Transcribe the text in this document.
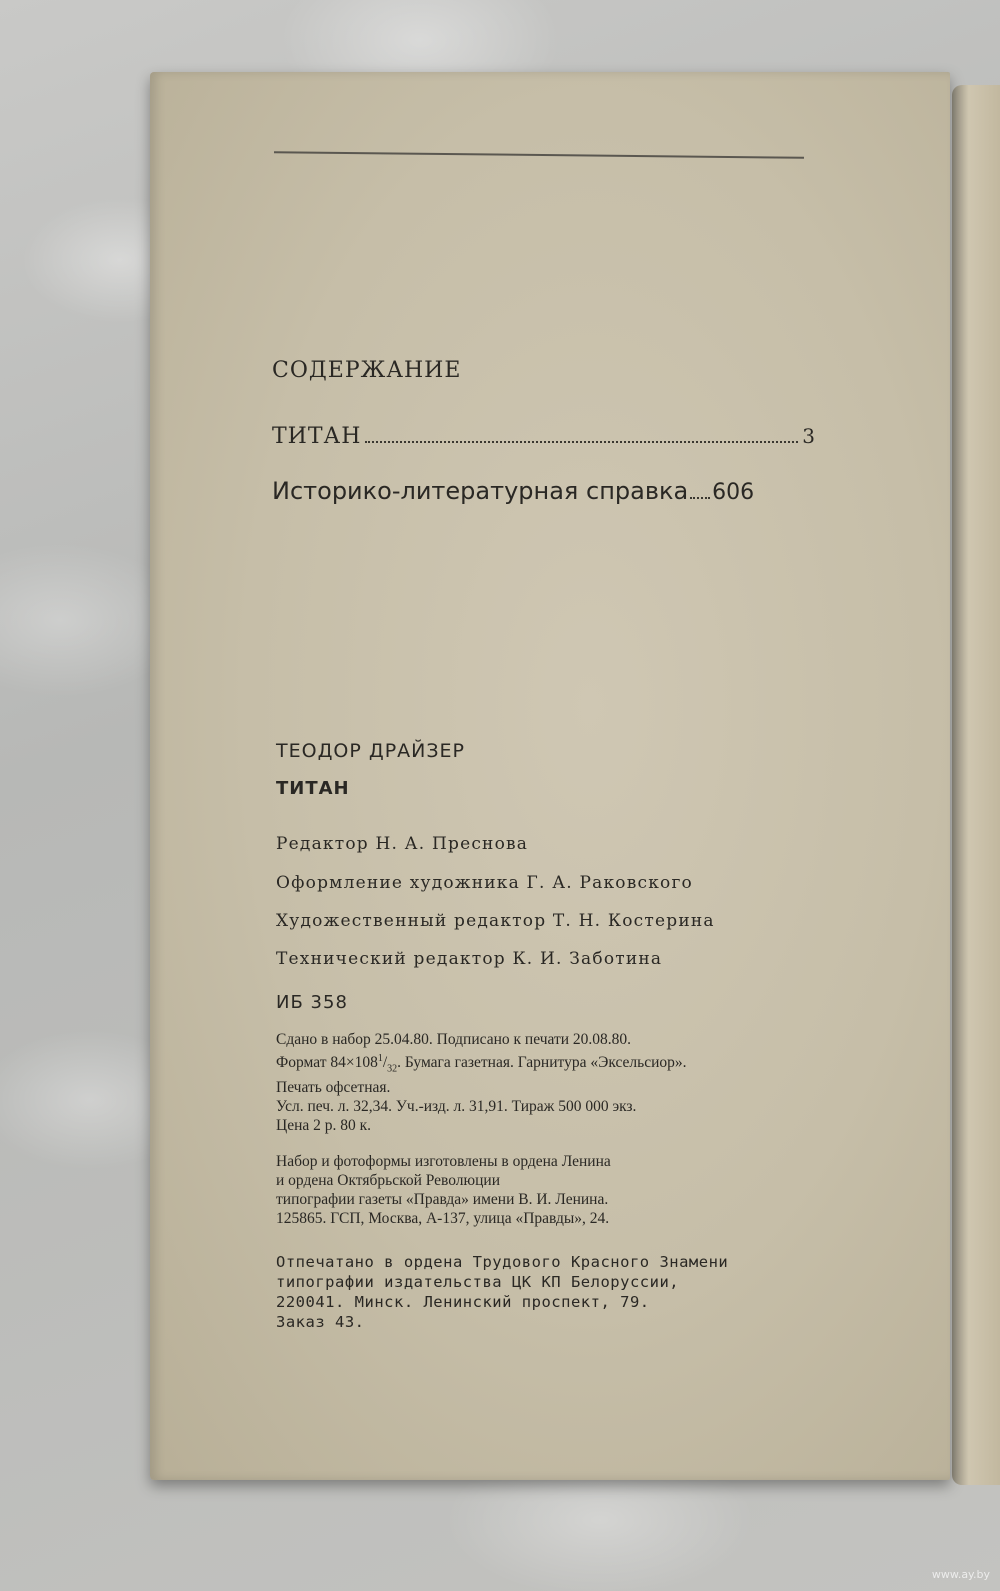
СОДЕРЖАНИЕ
ТИТАН	3
Историко-литературная справка 606
ТЕОДОР ДРАЙЗЕР
ТИТАН
Редактор Н. А. Преснова
Оформление художника Г. А. Раковского
Художественный редактор Т. Н. Костерина
Технический редактор К. И. Заботина
ИБ 358
Сдано в набор 25.04.80. Подписано к печати 20.08.80.
Формат $84\times 108^1/_{32}$. Бумага газетная. Гарнитура «Эксельсиор».
Печать офсетная.
Усл. печ. л. 32,34. Уч.-изд. л. 31,91. Тираж 500 000 экз.
Цена 2 р. 80 к.
Набор и фотоформы изготовлены в ордена Ленина
и ордена Октябрьской Революции
типографии газеты «Правда» имени В. И. Ленина.
125865. ГСП, Москва, А-137, улица «Правды», 24.
Отпечатано в ордена Трудового Красного Знамени
типографии издательства ЦК КП Белоруссии,
220041. Минск. Ленинский проспект, 79.
Заказ 43.
www.ay.by
